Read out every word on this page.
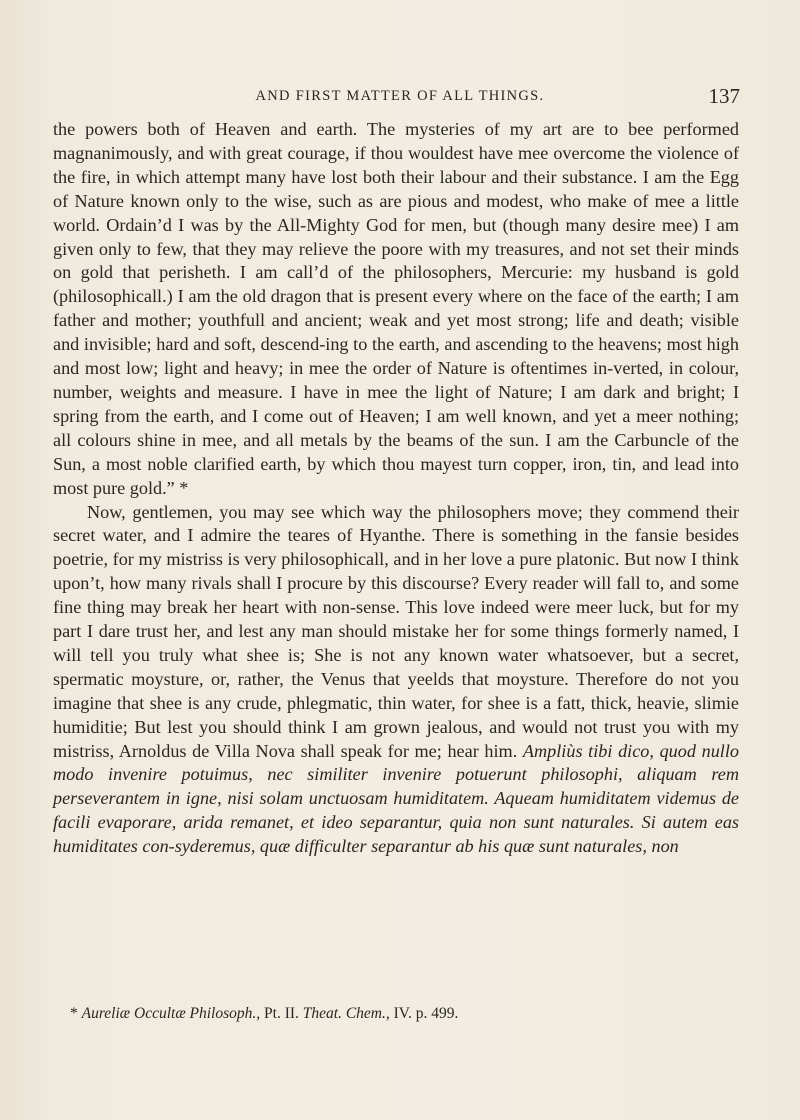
AND FIRST MATTER OF ALL THINGS.	137

the powers both of Heaven and earth. The mysteries of my art are to bee performed magnanimously, and with great courage, if thou wouldest have mee overcome the violence of the fire, in which attempt many have lost both their labour and their substance. I am the Egg of Nature known only to the wise, such as are pious and modest, who make of mee a little world. Ordain’d I was by the All-Mighty God for men, but (though many desire mee) I am given only to few, that they may relieve the poore with my treasures, and not set their minds on gold that perisheth. I am call’d of the philosophers, Mercurie: my husband is gold (philosophicall.) I am the old dragon that is present every where on the face of the earth; I am father and mother; youthfull and ancient; weak and yet most strong; life and death; visible and invisible; hard and soft, descend-ing to the earth, and ascending to the heavens; most high and most low; light and heavy; in mee the order of Nature is oftentimes in-verted, in colour, number, weights and measure. I have in mee the light of Nature; I am dark and bright; I spring from the earth, and I come out of Heaven; I am well known, and yet a meer nothing; all colours shine in mee, and all metals by the beams of the sun. I am the Carbuncle of the Sun, a most noble clarified earth, by which thou mayest turn copper, iron, tin, and lead into most pure gold.” *

Now, gentlemen, you may see which way the philosophers move; they commend their secret water, and I admire the teares of Hyanthe. There is something in the fansie besides poetrie, for my mistriss is very philosophicall, and in her love a pure platonic. But now I think upon’t, how many rivals shall I procure by this discourse? Every reader will fall to, and some fine thing may break her heart with non-sense. This love indeed were meer luck, but for my part I dare trust her, and lest any man should mistake her for some things formerly named, I will tell you truly what shee is; She is not any known water whatsoever, but a secret, spermatic moysture, or, rather, the Venus that yeelds that moysture. Therefore do not you imagine that shee is any crude, phlegmatic, thin water, for shee is a fatt, thick, heavie, slimie humiditie; But lest you should think I am grown jealous, and would not trust you with my mistriss, Arnoldus de Villa Nova shall speak for me; hear him. Ampliùs tibi dico, quod nullo modo invenire potuimus, nec similiter invenire potuerunt philosophi, aliquam rem perseverantem in igne, nisi solam unctuosam humiditatem. Aqueam humiditatem videmus de facili evaporare, arida remanet, et ideo separantur, quia non sunt naturales. Si autem eas humiditates con-syderemus, quæ difficulter separantur ab his quæ sunt naturales, non

* Aureliæ Occultæ Philosoph., Pt. II. Theat. Chem., IV. p. 499.
